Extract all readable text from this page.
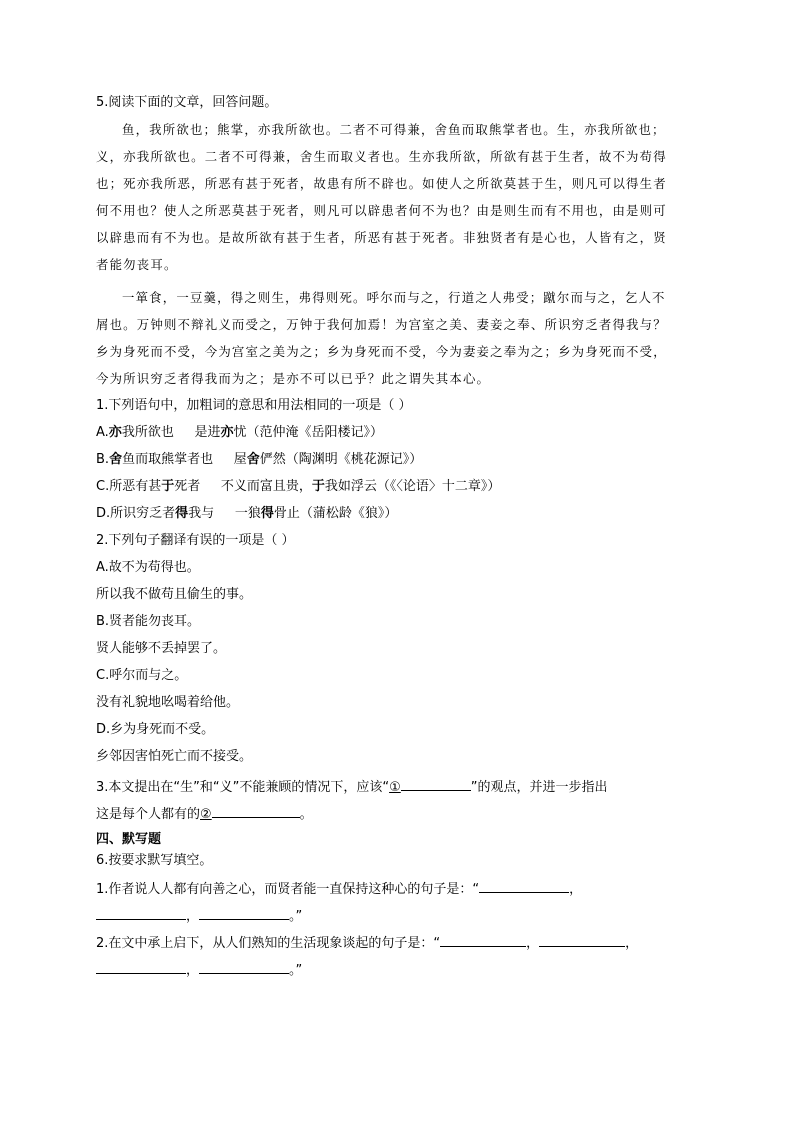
5.阅读下面的文章，回答问题。
鱼，我所欲也；熊掌，亦我所欲也。二者不可得兼，舍鱼而取熊掌者也。生，亦我所欲也；
义，亦我所欲也。二者不可得兼，舍生而取义者也。生亦我所欲，所欲有甚于生者，故不为苟得
也；死亦我所恶，所恶有甚于死者，故患有所不辟也。如使人之所欲莫甚于生，则凡可以得生者
何不用也？使人之所恶莫甚于死者，则凡可以辟患者何不为也？由是则生而有不用也，由是则可
以辟患而有不为也。是故所欲有甚于生者，所恶有甚于死者。非独贤者有是心也，人皆有之，贤
者能勿丧耳。
一箪食，一豆羹，得之则生，弗得则死。呼尔而与之，行道之人弗受；蹴尔而与之，乞人不
屑也。万钟则不辩礼义而受之，万钟于我何加焉！为宫室之美、妻妾之奉、所识穷乏者得我与？
乡为身死而不受，今为宫室之美为之；乡为身死而不受，今为妻妾之奉为之；乡为身死而不受，
今为所识穷乏者得我而为之；是亦不可以已乎？此之谓失其本心。
1.下列语句中，加粗词的意思和用法相同的一项是（ ）
A.亦我所欲也     是进亦忧（范仲淹《岳阳楼记》）
B.舍鱼而取熊掌者也     屋舍俨然（陶渊明《桃花源记》）
C.所恶有甚于死者     不义而富且贵，于我如浮云（《〈论语〉十二章》）
D.所识穷乏者得我与     一狼得骨止（蒲松龄《狼》）
2.下列句子翻译有误的一项是（ ）
A.故不为苟得也。
所以我不做苟且偷生的事。
B.贤者能勿丧耳。
贤人能够不丢掉罢了。
C.呼尔而与之。
没有礼貌地吆喝着给他。
D.乡为身死而不受。
乡邻因害怕死亡而不接受。
3.本文提出在“生”和“义”不能兼顾的情况下，应该“①	”的观点，并进一步指出
这是每个人都有的②	。
四、默写题
6.按要求默写填空。
1.作者说人人都有向善之心，而贤者能一直保持这种心的句子是：“	，
，	。”
2.在文中承上启下，从人们熟知的生活现象谈起的句子是：“	，	，
，	。”
